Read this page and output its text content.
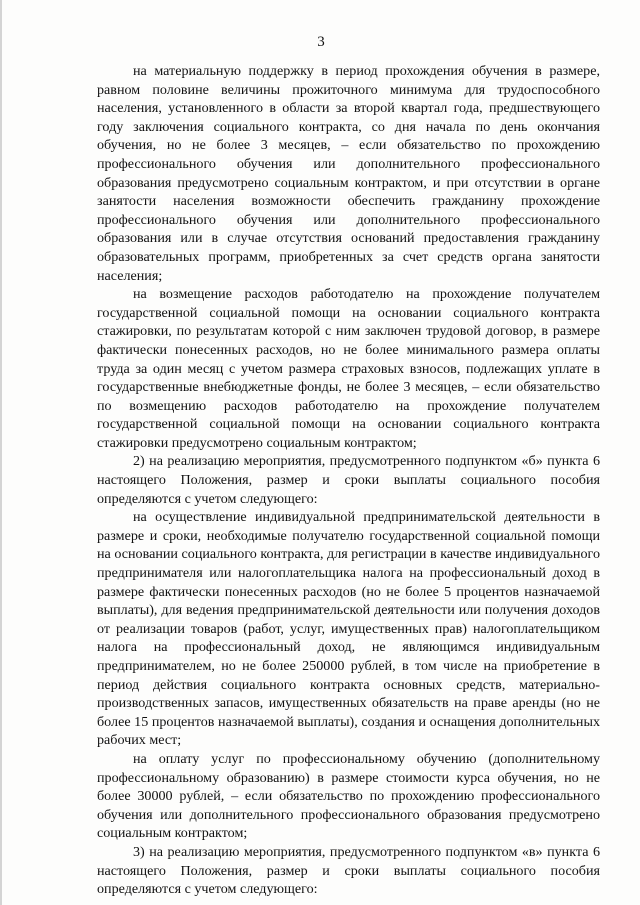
3

на материальную поддержку в период прохождения обучения в размере, равном половине величины прожиточного минимума для трудоспособного населения, установленного в области за второй квартал года, предшествующего году заключения социального контракта, со дня начала по день окончания обучения, но не более 3 месяцев, – если обязательство по прохождению профессионального обучения или дополнительного профессионального образования предусмотрено социальным контрактом, и при отсутствии в органе занятости населения возможности обеспечить гражданину прохождение профессионального обучения или дополнительного профессионального образования или в случае отсутствия оснований предоставления гражданину образовательных программ, приобретенных за счет средств органа занятости населения;

на возмещение расходов работодателю на прохождение получателем государственной социальной помощи на основании социального контракта стажировки, по результатам которой с ним заключен трудовой договор, в размере фактически понесенных расходов, но не более минимального размера оплаты труда за один месяц с учетом размера страховых взносов, подлежащих уплате в государственные внебюджетные фонды, не более 3 месяцев, – если обязательство по возмещению расходов работодателю на прохождение получателем государственной социальной помощи на основании социального контракта стажировки предусмотрено социальным контрактом;

2) на реализацию мероприятия, предусмотренного подпунктом «б» пункта 6 настоящего Положения, размер и сроки выплаты социального пособия определяются с учетом следующего:

на осуществление индивидуальной предпринимательской деятельности в размере и сроки, необходимые получателю государственной социальной помощи на основании социального контракта, для регистрации в качестве индивидуального предпринимателя или налогоплательщика налога на профессиональный доход в размере фактически понесенных расходов (но не более 5 процентов назначаемой выплаты), для ведения предпринимательской деятельности или получения доходов от реализации товаров (работ, услуг, имущественных прав) налогоплательщиком налога на профессиональный доход, не являющимся индивидуальным предпринимателем, но не более 250000 рублей, в том числе на приобретение в период действия социального контракта основных средств, материально-производственных запасов, имущественных обязательств на праве аренды (но не более 15 процентов назначаемой выплаты), создания и оснащения дополнительных рабочих мест;

на оплату услуг по профессиональному обучению (дополнительному профессиональному образованию) в размере стоимости курса обучения, но не более 30000 рублей, – если обязательство по прохождению профессионального обучения или дополнительного профессионального образования предусмотрено социальным контрактом;

3) на реализацию мероприятия, предусмотренного подпунктом «в» пункта 6 настоящего Положения, размер и сроки выплаты социального пособия определяются с учетом следующего:
